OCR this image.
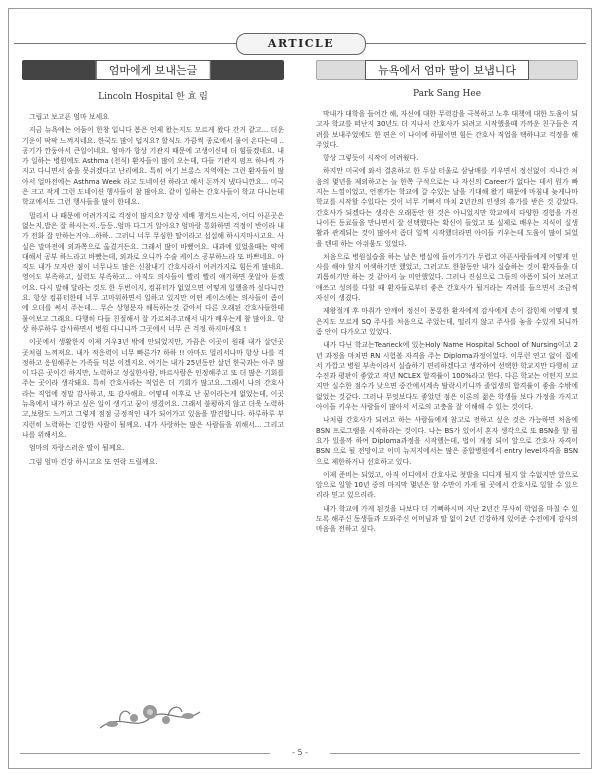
ARTICLE
엄마에게 보내는글
Lincoln Hospital 한 효 림

그립고 보고픈 엄마 보세요

지금 뉴욕에는 어둠이 한창 입니다 봄은 언제 왔는지도 모르게 왔다 간거 같고... 더운 기운이 팍팍 느껴지네요. 한국도 많이 덥지요? 할식도 가끔씩 종로에서 물어 온다는데 ..공기가 깐둥아서 큰일이네요. 엄마가 항상 기관지 때문에 고생이신데 더 힘들겠네요. 내가 일하는 병원에도 Asthma (천식) 환자들이 많이 오는데, 다들 기관지 펌프 하나씩 가지고 다니면서 숨을 못쉬겠다고 난리예요. 특히 여기 브롱스 지역에는 그런 환자들이 많아서 얼마전에는 Asthma Week 라고 도네이션 하라고 해서 돈까지 냈다니깐요... 미국은 크고 작게 그런 도네이션 행사들이 참 많아요. 같이 일하는 간호사들이 학교 다니는데 학교에서도 그런 행사들을 많이 한데요.

멀리서 나 때문에 어려가지로 걱정이 많지요? 항상 세배 챙겨드시는지, 어디 아픈곳은 없는지,밥은 잘 하시는지..등등..엄마 다그거 알아요? 엄마랑 통화하면 걱정이 반이라 내가 전화 잘 안하는거야...하하.. 그러니 너무 무심한 딸이라고 섭섭해 하시지마시고요. 사실은 말마전에 외과쪽으로 옮겼거든요. 그래서 많이 바뻤어요. 내과에 있었을때는 약에 대해서 공부 하느라고 바빴는데, 외과로 오니까 수술 케이스 공부하느라 또 바쁘네요. 아직도 내가 모자란 점이 너무나도 많은 신참내기 간호사라서 어려가지로 힘든게 많네요. 영어도 부족하고, 실력도 부족하고... 아직도 의사들이 빨리 빨리 얘기하면 못알아 듣겠어요. 다시 말해 달라는 것도 한 두번이지, 컴퓨터가 없었으면 어떻게 일했을까 싶다니깐요. 항상 컴퓨터한테 너무 고마워하면서 일하고 있지만 어떤 케이스에는 의사들이 좀이에 오더를 써서 주는데... 무슨 상형문자 해독하는것 같아서 다른 오래된 간호사들한테 물어보고 그래요. 다행히 다들 친절해서 잘 가르쳐주고해서 내가 배우는게 참 많아요. 항상 하루하루 감사하면서 병원 다니니까 그곳에서 너무 큰 걱정 하지마세요 !

이곳에서 생활한지 이제 거우3년 밖에 안되었지만, 가끔은 이곳이 원래 내가 살던곳 곳처럼 느껴져요. 내가 적응력이 너무 빠른가? 하하 !! 아마도 멀리서나마 항상 나를 걱정하고 응원해주는 가족들 덕분 이겠지요. 여기는 내가 25년동안 살던 한국과는 아주 많이 다른 곳이긴 하지만, 노력하고 성실한사람, 바르사람은 인정해주고 또 더 많은 기회를 주는 곳이라 생각돼요. 특히 간호사라는 직업은 더 기회가 많고요..그래서 나의 간호사 라는 직업에 정말 감사하고, 또 감사해요. 어떻데 이후로 난 꿈이라는게 없었는데, 이곳 뉴욕에서 내가 하고 싶은 일이 생기고 꿈이 생겼어요. 그래서 불평하지 않고 더욱 노력하고,보람도 느끼고 그렇게 점점 긍정적인 내가 되어가고 있음을 발견합니다. 하루하루 부지런히 노력하는 긴강한 사람이 될께요. 내가 사랑하는 많은 사람들을 위해서... 그리고 나를 위해서요.

엄마의 자랑스러운 딸이 될께요.

그럼 엄마 건강 하시고요 또 연락 드릴께요.

뉴욕에서 엄마 딸이 보냅니다
Park Sang Hee

막내가 대학을 들어간 해, 자신에 대한 무력감을 극복하고 노후 대책에 대한 도움이 되고자 학교를 떠난지 30년도 더 지나서 간호사가 되려고 시작했을때 가까운 친구들은 격려를 보내주었에도 한 편은 이 나이에 하필이면 힘든 간호사 직업을 택하냐고 걱정을 해 주었다.

항상 그렇듯이 시작이 어려웠다.

하지만 미국에 와서 결혼하고 한 두살 터울로 삼남매를 키우면서 정신없이 지나간 처음의 몇년을 제외하고는 늘 한쪽 구석으로는 나 자신의 Career가 없다는 데서 뭔가 빠지는 느낌이었고, 언젠가는 학교에 갈 수있는 날을 기대해 왔기 때문에 마침내 늦게나마 학교를 시작할 수있다는 것이 너무 기뻐서 마치 2년간의 인생의 휴가를 받은 것 같았다. 간호사가 되겠다는 생각은 오래동안 한 것은 아니었지만 학교에서 다양한 경험을 가진 나이든 동료들을 만나면서 잘 선택했다는 확신이 들었고 또 실제로 배우는 지식이 실생활과 관계되는 것이 많아서 좀더 일찍 시작했더라면 아이들 키우는데 도움이 많이 되었을 텐데 하는 아쉬움도 있었다.

처음으로 병원실습을 하는 날은 병실에 들어가기가 두렵고 아픈사람들에게 어떻게 인사를 해야 할지 어색하기만 했었고, 그러고도 한참동안 내가 실습하는 것이 환자들을 더 괴롭히기만 하는 것 같아서 늘 미안했었다. 그러나 진심으로 그들의 아픔이 되어 보려고 애쓰고 성의를 다할 때 환자들로부터 좋은 간호사가 될거라는 격려를 들으면서 조금씩 자신이 생겼다.

제왕절개 후 마취가 안깨어 정신이 몽롱한 환자에게 감사에게 손이 잡힌채 어떻게 찢은지도 모르게 SQ 주사를 처음으로 주었는데, 떨리지 않고 주사를 놓을 수있게 되니까 좀 안이 다가오고 있었다.

내가 다닌 학교는Teaneck에 있는Holy Name Hospital School of Nursing이고 2년 과정을 마치면 RN 시험볼 자격을 주는 Diploma과정이었다. 이무런 연고 없이 집에서 가깝고 병원 부속이라서 실습하기 편리하겠다고 생각하여 선택한 학교지만 다행히 교수진과 평판이 좋았고 작년 NCLEX 합격률이 100%라고 한다. 다른 학교는 어떤지 모르지만 실수한 점수가 낮으면 중간에서계속 탈락시키니까 졸업생의 합격률이 좋을 수밖에 없었는 것같다. 그러나 무엇보다도 좋았던 점은 이론의 젊은 학생들 보다 가정을 가지고 아이들 키우는 사람들이 많아서 서로의 고충을 잘 이해해 수 있는 것이다.

나처럼 간호사가 되려고 하는 사람들에게 참고로 전하고 싶은 것은 가능하면 처음에 BSN 프로그램을 시작하라는 것이다. 나는 BS가 있어서 혼자 생각으로 또 BSN을 할 필요가 있을까 하여 Diploma과정을 시작했는데, 법이 개정 되어 앞으로 간호사 자격이 BSN 으로 될 전망이고 이미 뉴저지에서는 많은 종합병원에서 entry level자격을 BSN으로 제한하거나 선호하고 있다.

이제 준비는 되었고, 아직 어디에서 간호사로 첫발을 디디게 될지 알 수없지만 앞으로 앞으로 일할 10년 중의 마지막 몇년은 할 수만이 가게 될 곳에서 간호사로 일할 수 있으리라 믿고 있으리라.

내가 학교에 가게 된것을 나보다 더 기뻐하시며 지난 2년간 무사히 학업을 마칠 수 있도록 해주신 동생들과 도와주신 어머님과 딸 없이 2년 긴강하게 있어준 수전에게 감사의 마음을 전하고 싶다.

- 5 -
